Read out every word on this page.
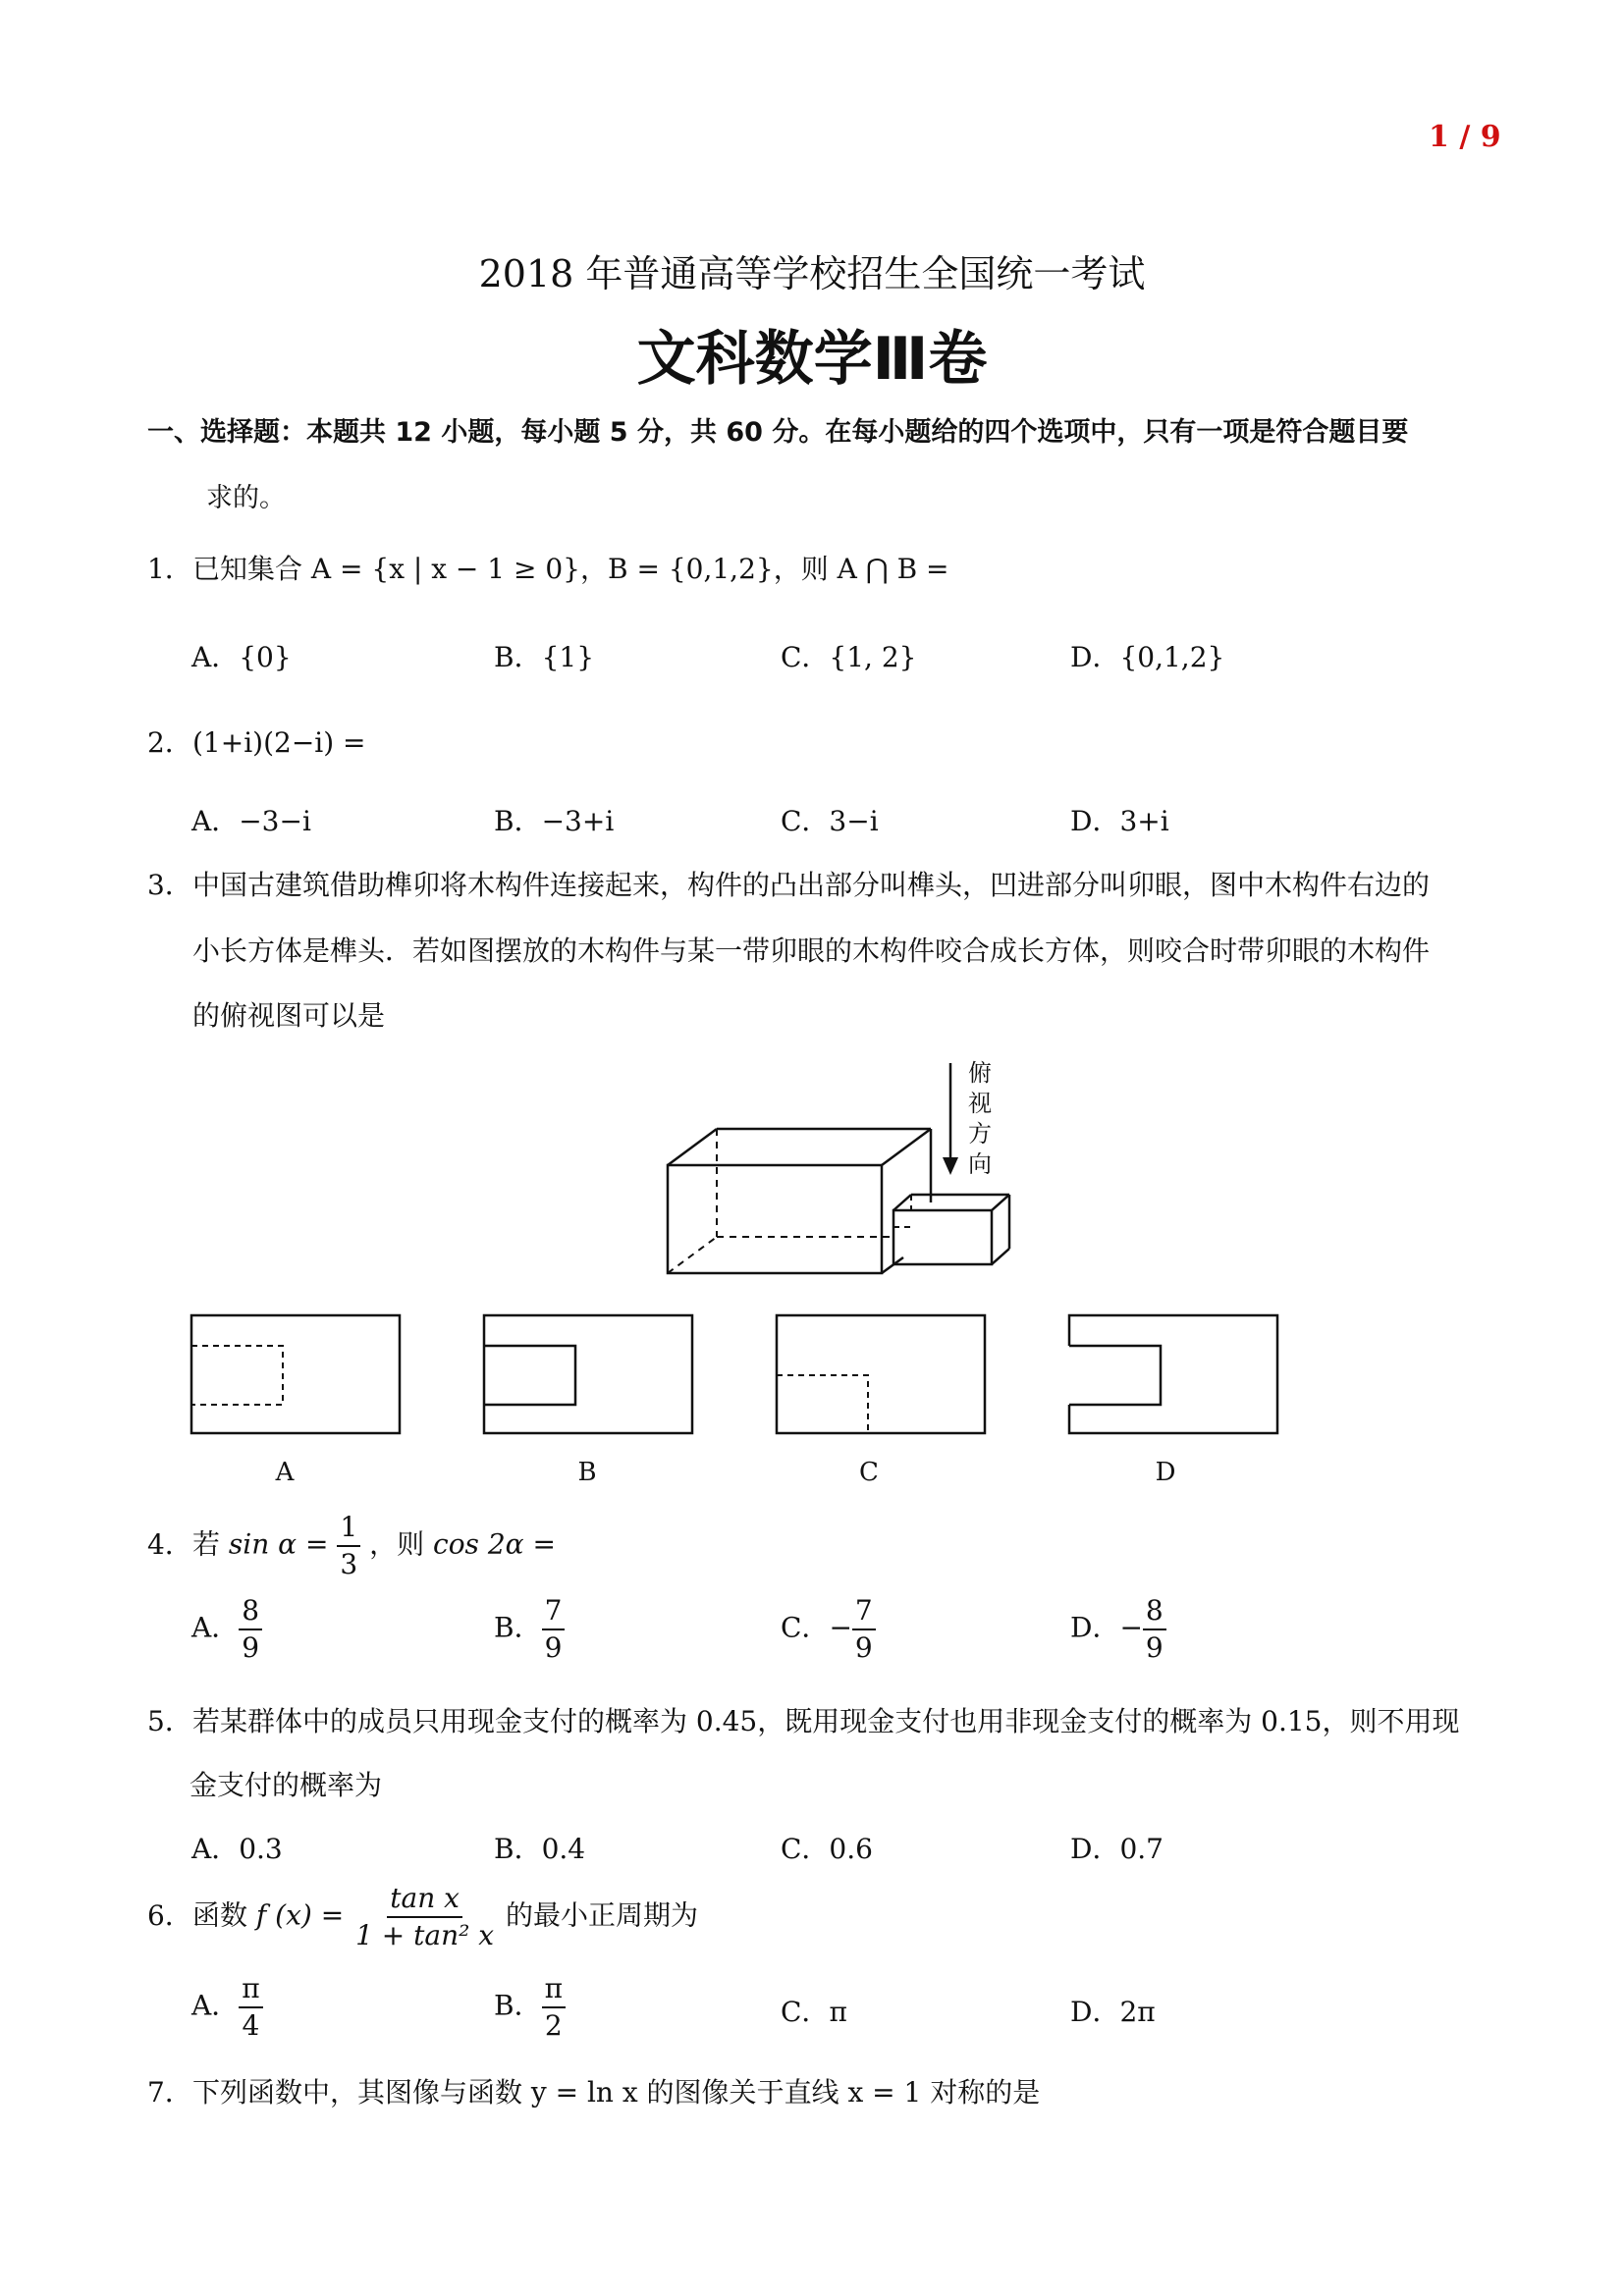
1 / 9
2018 年普通高等学校招生全国统一考试
文科数学Ⅲ卷
一、选择题：本题共 12 小题，每小题 5 分，共 60 分。在每小题给的四个选项中，只有一项是符合题目要
求的。
1．已知集合 A = {x | x − 1 ≥ 0}，B = {0,1,2}，则 A ⋂ B =
A．{0}	B．{1}	C．{1, 2}	D．{0,1,2}
2．(1+i)(2−i) =
A．−3−i	B．−3+i	C．3−i	D．3+i
3．中国古建筑借助榫卯将木构件连接起来，构件的凸出部分叫榫头，凹进部分叫卯眼，图中木构件右边的
小长方体是榫头．若如图摆放的木构件与某一带卯眼的木构件咬合成长方体，则咬合时带卯眼的木构件
的俯视图可以是
俯
视
方
向
A	B	C	D
4．若 $\sin \alpha = \frac{1}{3}$ ，则 cos 2α =
A． $\frac{8}{9}$	B． $\frac{7}{9}$	C．− $\frac{7}{9}$	D．− $\frac{8}{9}$
5．若某群体中的成员只用现金支付的概率为 0.45，既用现金支付也用非现金支付的概率为 0.15，则不用现
金支付的概率为
A．0.3	B．0.4	C．0.6	D．0.7
6．函数 f $(x) = \frac{\text{tan x}}{\text{1 + tan² x}}$ 的最小正周期为
A． $\frac{\pi}{4}$	B． $\frac{\pi}{2}$	C．π	D．2π
7．下列函数中，其图像与函数 y = ln x 的图像关于直线 x = 1 对称的是
